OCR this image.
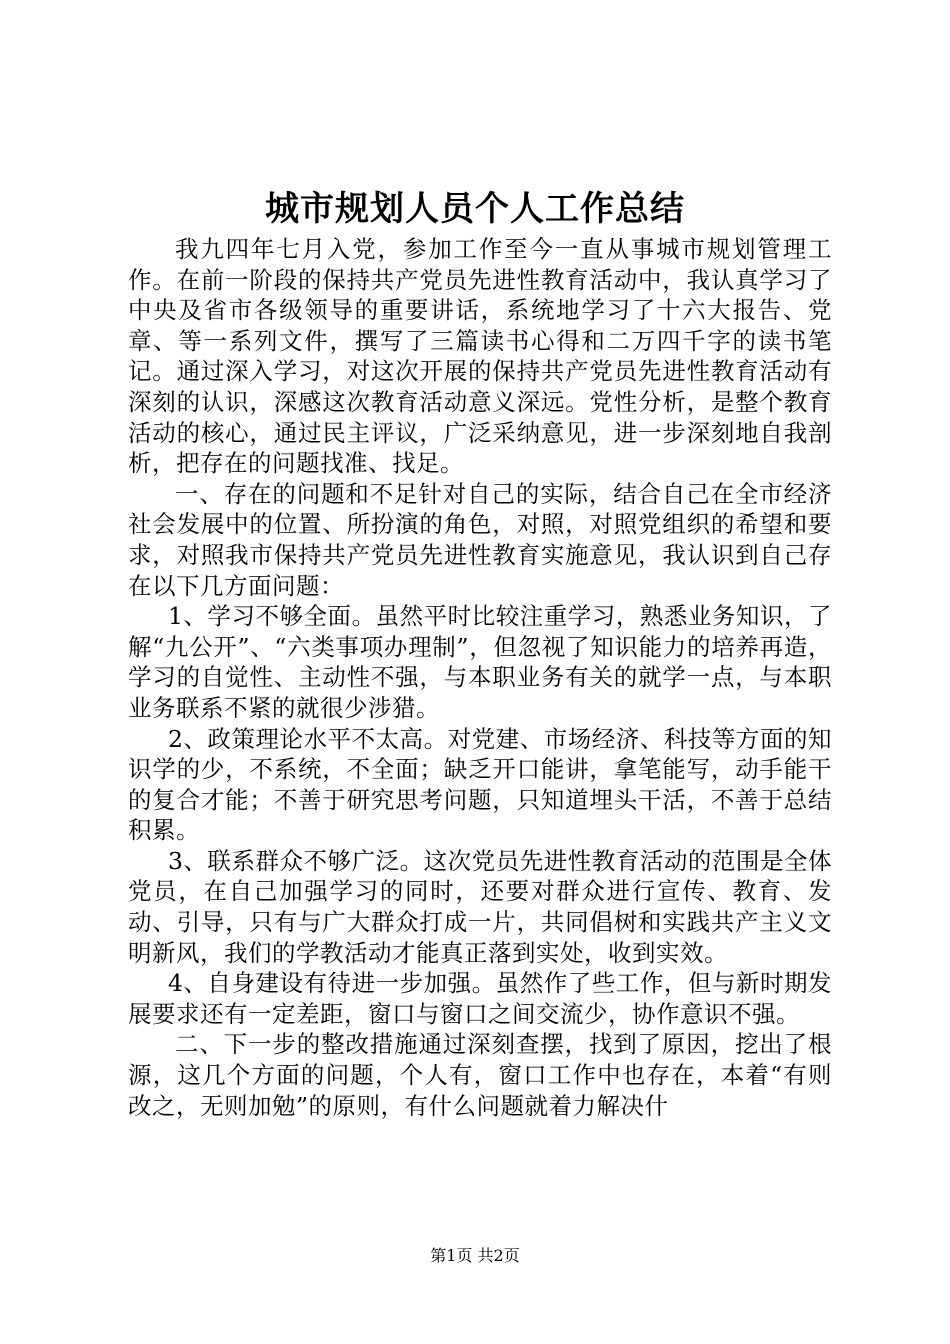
城市规划人员个人工作总结

我九四年七月入党，参加工作至今一直从事城市规划管理工作。在前一阶段的保持共产党员先进性教育活动中，我认真学习了中央及省市各级领导的重要讲话，系统地学习了十六大报告、党章、等一系列文件，撰写了三篇读书心得和二万四千字的读书笔记。通过深入学习，对这次开展的保持共产党员先进性教育活动有深刻的认识，深感这次教育活动意义深远。党性分析，是整个教育活动的核心，通过民主评议，广泛采纳意见，进一步深刻地自我剖析，把存在的问题找准、找足。

一、存在的问题和不足针对自己的实际，结合自己在全市经济社会发展中的位置、所扮演的角色，对照，对照党组织的希望和要求，对照我市保持共产党员先进性教育实施意见，我认识到自己存在以下几方面问题：

1、学习不够全面。虽然平时比较注重学习，熟悉业务知识，了解“九公开”、“六类事项办理制”，但忽视了知识能力的培养再造，学习的自觉性、主动性不强，与本职业务有关的就学一点，与本职业务联系不紧的就很少涉猎。

2、政策理论水平不太高。对党建、市场经济、科技等方面的知识学的少，不系统，不全面；缺乏开口能讲，拿笔能写，动手能干的复合才能；不善于研究思考问题，只知道埋头干活，不善于总结积累。

3、联系群众不够广泛。这次党员先进性教育活动的范围是全体党员，在自己加强学习的同时，还要对群众进行宣传、教育、发动、引导，只有与广大群众打成一片，共同倡树和实践共产主义文明新风，我们的学教活动才能真正落到实处，收到实效。

4、自身建设有待进一步加强。虽然作了些工作，但与新时期发展要求还有一定差距，窗口与窗口之间交流少，协作意识不强。

二、下一步的整改措施通过深刻查摆，找到了原因，挖出了根源，这几个方面的问题，个人有，窗口工作中也存在，本着“有则改之，无则加勉”的原则，有什么问题就着力解决什

第1页 共2页
